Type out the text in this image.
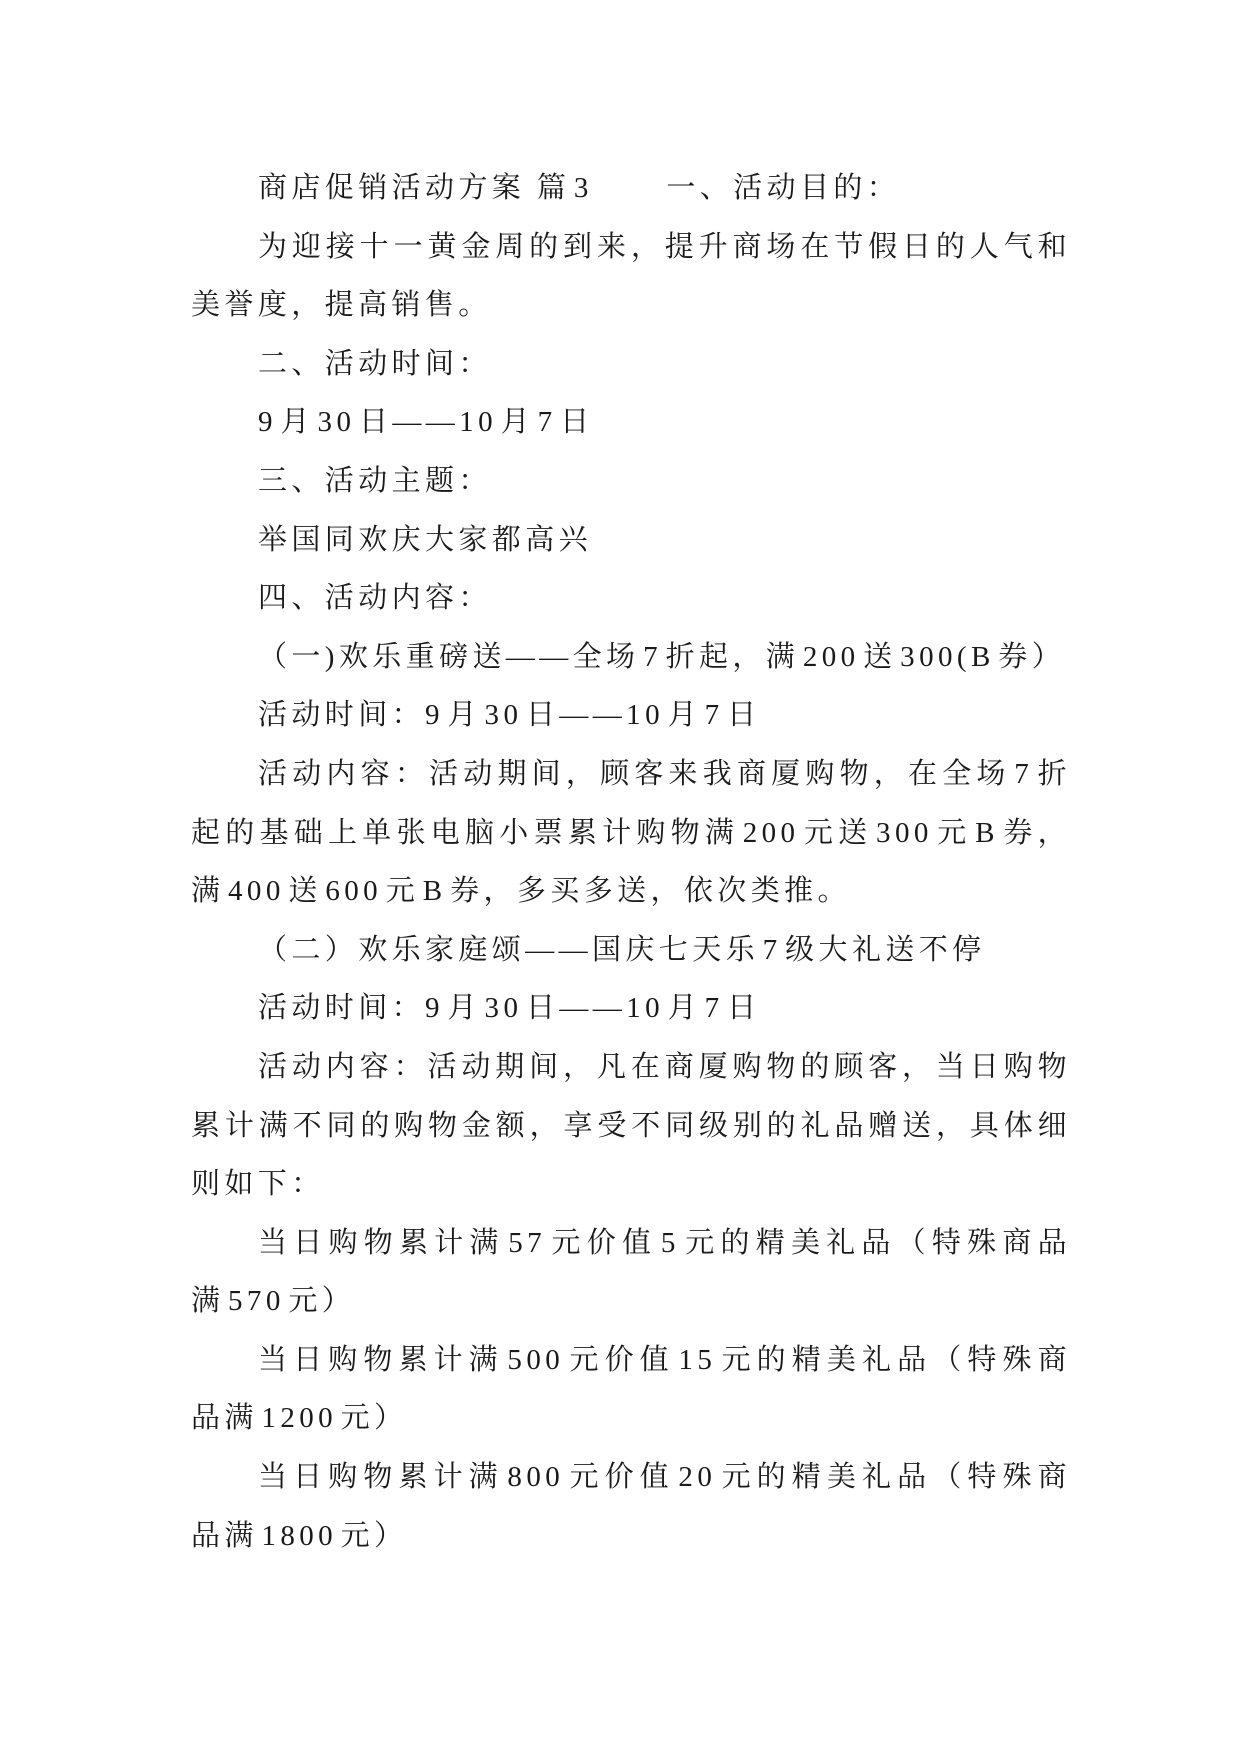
商店促销活动方案 篇3 一、活动目的：
为迎接十一黄金周的到来，提升商场在节假日的人气和
美誉度，提高销售。
二、活动时间：
9月30日——10月7日
三、活动主题：
举国同欢庆大家都高兴
四、活动内容：
（一)欢乐重磅送——全场7折起，满200送300(B券）
活动时间：9月30日——10月7日
活动内容：活动期间，顾客来我商厦购物，在全场7折
起的基础上单张电脑小票累计购物满200元送300元B券，
满400送600元B券，多买多送，依次类推。
（二）欢乐家庭颂——国庆七天乐7级大礼送不停
活动时间：9月30日——10月7日
活动内容：活动期间，凡在商厦购物的顾客，当日购物
累计满不同的购物金额，享受不同级别的礼品赠送，具体细
则如下：
当日购物累计满57元价值5元的精美礼品（特殊商品
满570元）
当日购物累计满500元价值15元的精美礼品（特殊商
品满1200元）
当日购物累计满800元价值20元的精美礼品（特殊商
品满1800元）
